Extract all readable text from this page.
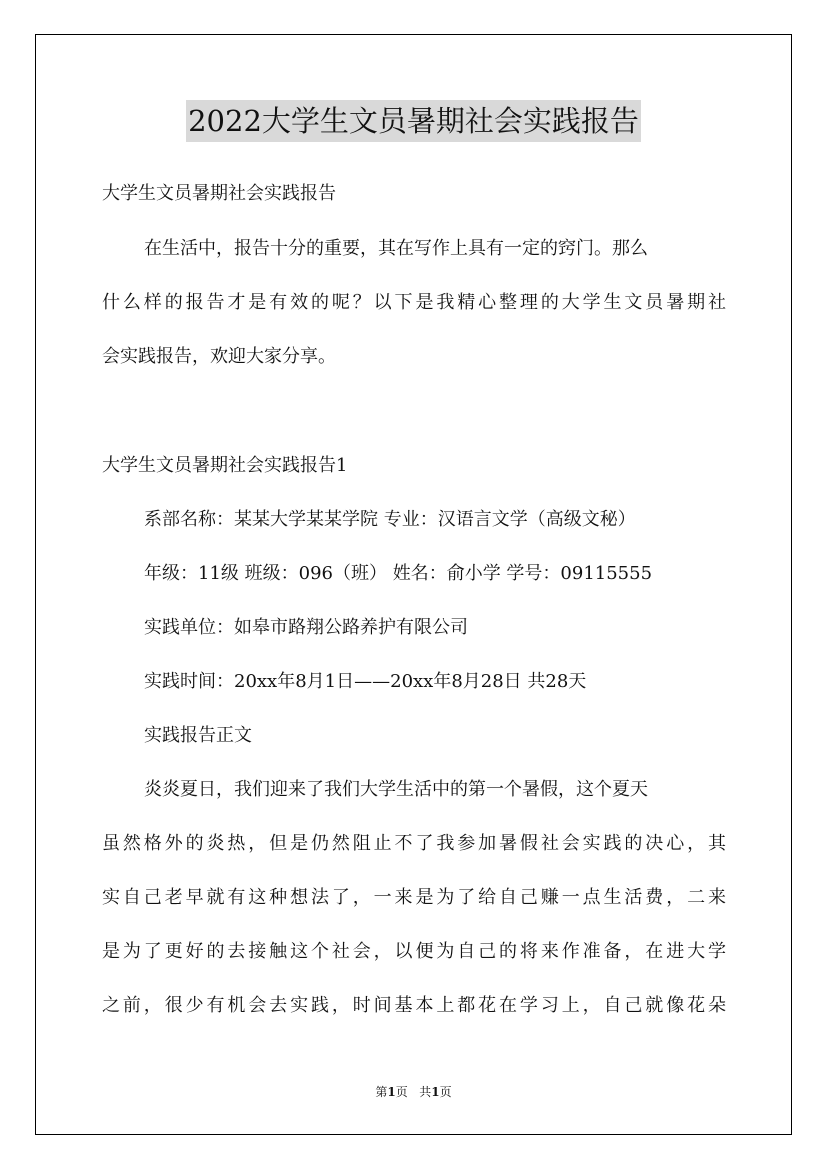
2022大学生文员暑期社会实践报告
大学生文员暑期社会实践报告
在生活中，报告十分的重要，其在写作上具有一定的窍门。那么
什么样的报告才是有效的呢？以下是我精心整理的大学生文员暑期社
会实践报告，欢迎大家分享。
大学生文员暑期社会实践报告1
系部名称：某某大学某某学院 专业：汉语言文学（高级文秘）
年级：11级 班级：096（班） 姓名：俞小学 学号：09115555
实践单位：如皋市路翔公路养护有限公司
实践时间：20xx年8月1日——20xx年8月28日 共28天
实践报告正文
炎炎夏日，我们迎来了我们大学生活中的第一个暑假，这个夏天
虽然格外的炎热，但是仍然阻止不了我参加暑假社会实践的决心，其
实自己老早就有这种想法了，一来是为了给自己赚一点生活费，二来
是为了更好的去接触这个社会，以便为自己的将来作准备，在进大学
之前，很少有机会去实践，时间基本上都花在学习上，自己就像花朵
第1页 共1页
